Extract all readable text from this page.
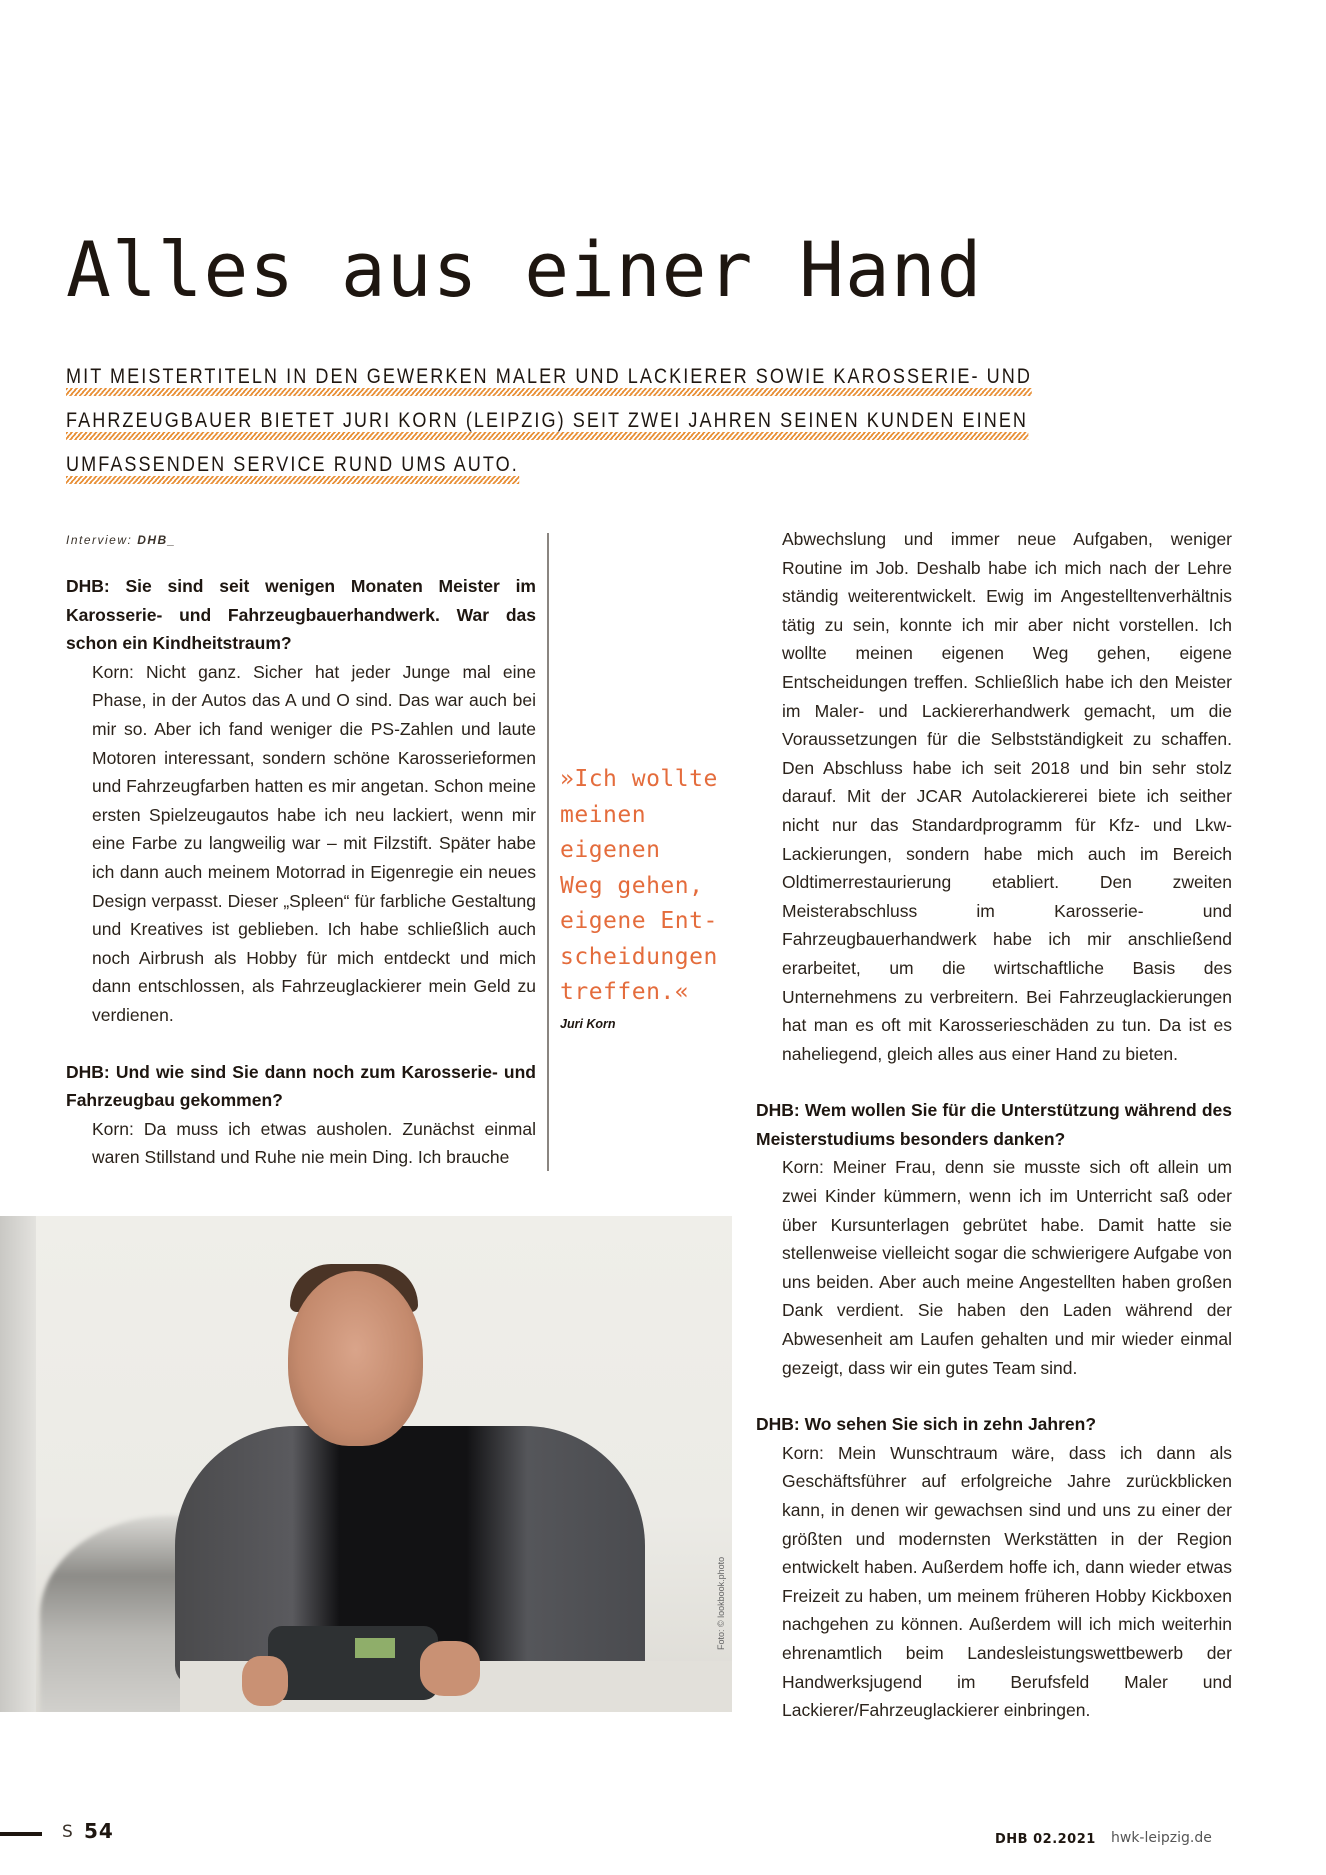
Alles aus einer Hand
MIT MEISTERTITELN IN DEN GEWERKEN MALER UND LACKIERER SOWIE KAROSSERIE- UND
FAHRZEUGBAUER BIETET JURI KORN (LEIPZIG) SEIT ZWEI JAHREN SEINEN KUNDEN EINEN
UMFASSENDEN SERVICE RUND UMS AUTO.

Interview: DHB_

DHB: Sie sind seit wenigen Monaten Meister im Karosserie- und Fahrzeugbauerhandwerk. War das schon ein Kindheitstraum?

Korn: Nicht ganz. Sicher hat jeder Junge mal eine Phase, in der Autos das A und O sind. Das war auch bei mir so. Aber ich fand weniger die PS-Zahlen und laute Motoren interessant, sondern schöne Karosserieformen und Fahrzeugfarben hatten es mir angetan. Schon meine ersten Spielzeugautos habe ich neu lackiert, wenn mir eine Farbe zu langweilig war – mit Filzstift. Später habe ich dann auch meinem Motorrad in Eigenregie ein neues Design verpasst. Dieser „Spleen“ für farbliche Gestaltung und Kreatives ist geblieben. Ich habe schließlich auch noch Airbrush als Hobby für mich entdeckt und mich dann entschlossen, als Fahrzeuglackierer mein Geld zu verdienen.

DHB: Und wie sind Sie dann noch zum Karosserie- und Fahrzeugbau gekommen?

Korn: Da muss ich etwas ausholen. Zunächst einmal waren Stillstand und Ruhe nie mein Ding. Ich brauche

»Ich wollte
meinen
eigenen
Weg gehen,
eigene Ent-
scheidungen
treffen.«
Juri Korn

Abwechslung und immer neue Aufgaben, weniger Routine im Job. Deshalb habe ich mich nach der Lehre ständig weiterentwickelt. Ewig im Angestelltenverhältnis tätig zu sein, konnte ich mir aber nicht vorstellen. Ich wollte meinen eigenen Weg gehen, eigene Entscheidungen treffen. Schließlich habe ich den Meister im Maler- und Lackiererhandwerk gemacht, um die Voraussetzungen für die Selbstständigkeit zu schaffen. Den Abschluss habe ich seit 2018 und bin sehr stolz darauf. Mit der JCAR Autolackiererei biete ich seither nicht nur das Standardprogramm für Kfz- und Lkw-Lackierungen, sondern habe mich auch im Bereich Oldtimerrestaurierung etabliert. Den zweiten Meisterabschluss im Karosserie- und Fahrzeugbauerhandwerk habe ich mir anschließend erarbeitet, um die wirtschaftliche Basis des Unternehmens zu verbreitern. Bei Fahrzeuglackierungen hat man es oft mit Karosserieschäden zu tun. Da ist es naheliegend, gleich alles aus einer Hand zu bieten.

DHB: Wem wollen Sie für die Unterstützung während des Meisterstudiums besonders danken?

Korn: Meiner Frau, denn sie musste sich oft allein um zwei Kinder kümmern, wenn ich im Unterricht saß oder über Kursunterlagen gebrütet habe. Damit hatte sie stellenweise vielleicht sogar die schwierigere Aufgabe von uns beiden. Aber auch meine Angestellten haben großen Dank verdient. Sie haben den Laden während der Abwesenheit am Laufen gehalten und mir wieder einmal gezeigt, dass wir ein gutes Team sind.

DHB: Wo sehen Sie sich in zehn Jahren?

Korn: Mein Wunschtraum wäre, dass ich dann als Geschäftsführer auf erfolgreiche Jahre zurückblicken kann, in denen wir gewachsen sind und uns zu einer der größten und modernsten Werkstätten in der Region entwickelt haben. Außerdem hoffe ich, dann wieder etwas Freizeit zu haben, um meinem früheren Hobby Kickboxen nachgehen zu können. Außerdem will ich mich weiterhin ehrenamtlich beim Landesleistungswettbewerb der Handwerksjugend im Berufsfeld Maler und Lackierer/Fahrzeuglackierer einbringen.

Foto: © lookbook.photo
S 54	DHB 02.2021 hwk-leipzig.de
